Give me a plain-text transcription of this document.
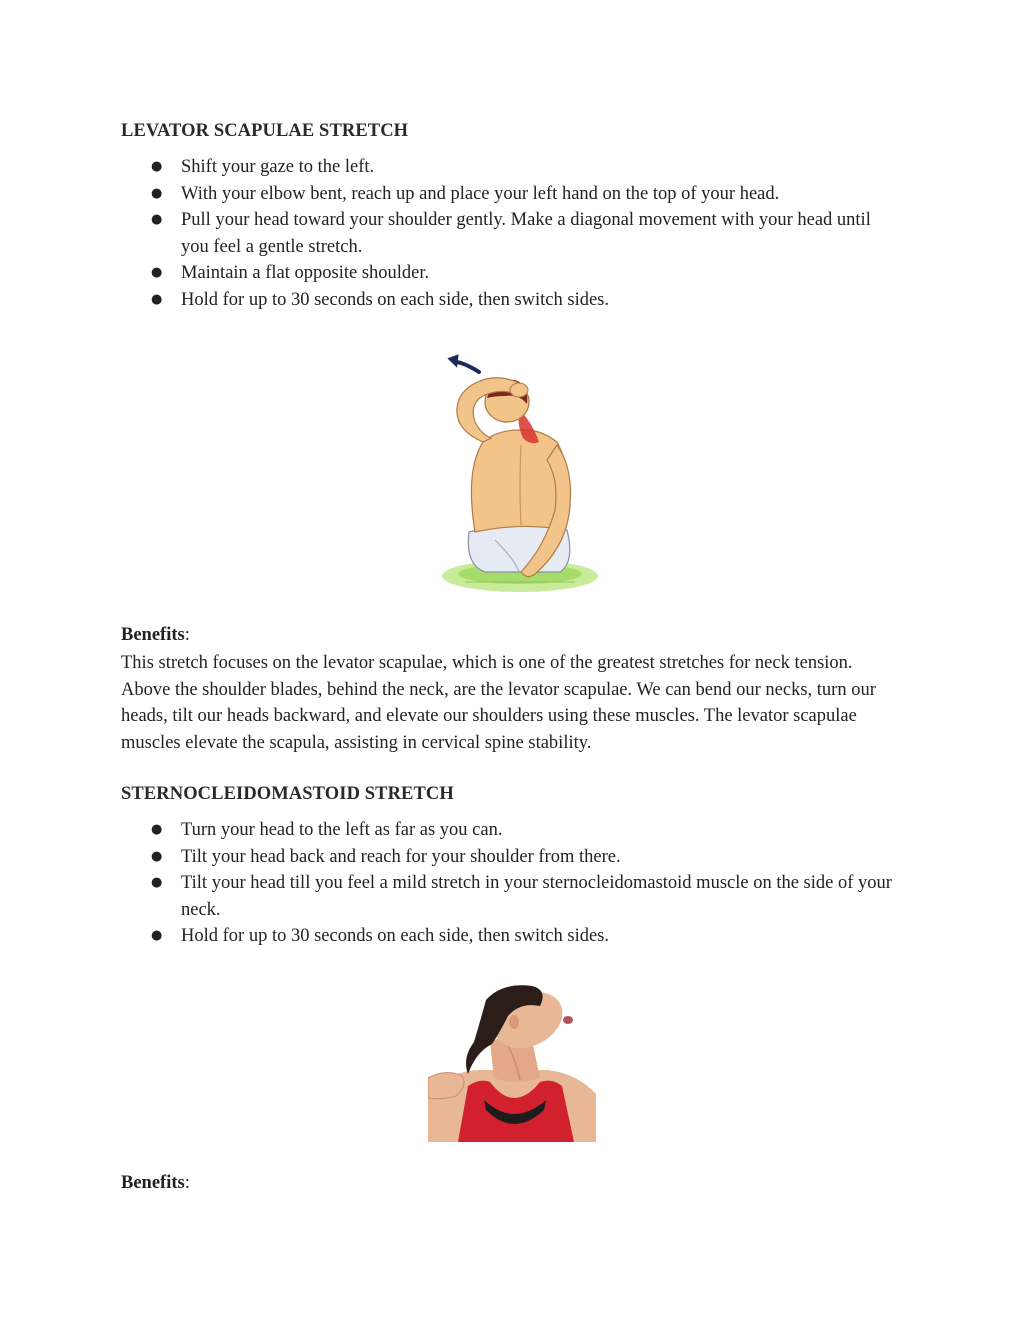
LEVATOR SCAPULAE STRETCH
● Shift your gaze to the left.
● With your elbow bent, reach up and place your left hand on the top of your head.
● Pull your head toward your shoulder gently. Make a diagonal movement with your head until you feel a gentle stretch.
● Maintain a flat opposite shoulder.
● Hold for up to 30 seconds on each side, then switch sides.

Benefits:

This stretch focuses on the levator scapulae, which is one of the greatest stretches for neck tension. Above the shoulder blades, behind the neck, are the levator scapulae. We can bend our necks, turn our heads, tilt our heads backward, and elevate our shoulders using these muscles. The levator scapulae muscles elevate the scapula, assisting in cervical spine stability.

STERNOCLEIDOMASTOID STRETCH
● Turn your head to the left as far as you can.
● Tilt your head back and reach for your shoulder from there.
● Tilt your head till you feel a mild stretch in your sternocleidomastoid muscle on the side of your neck.
● Hold for up to 30 seconds on each side, then switch sides.

Benefits:
